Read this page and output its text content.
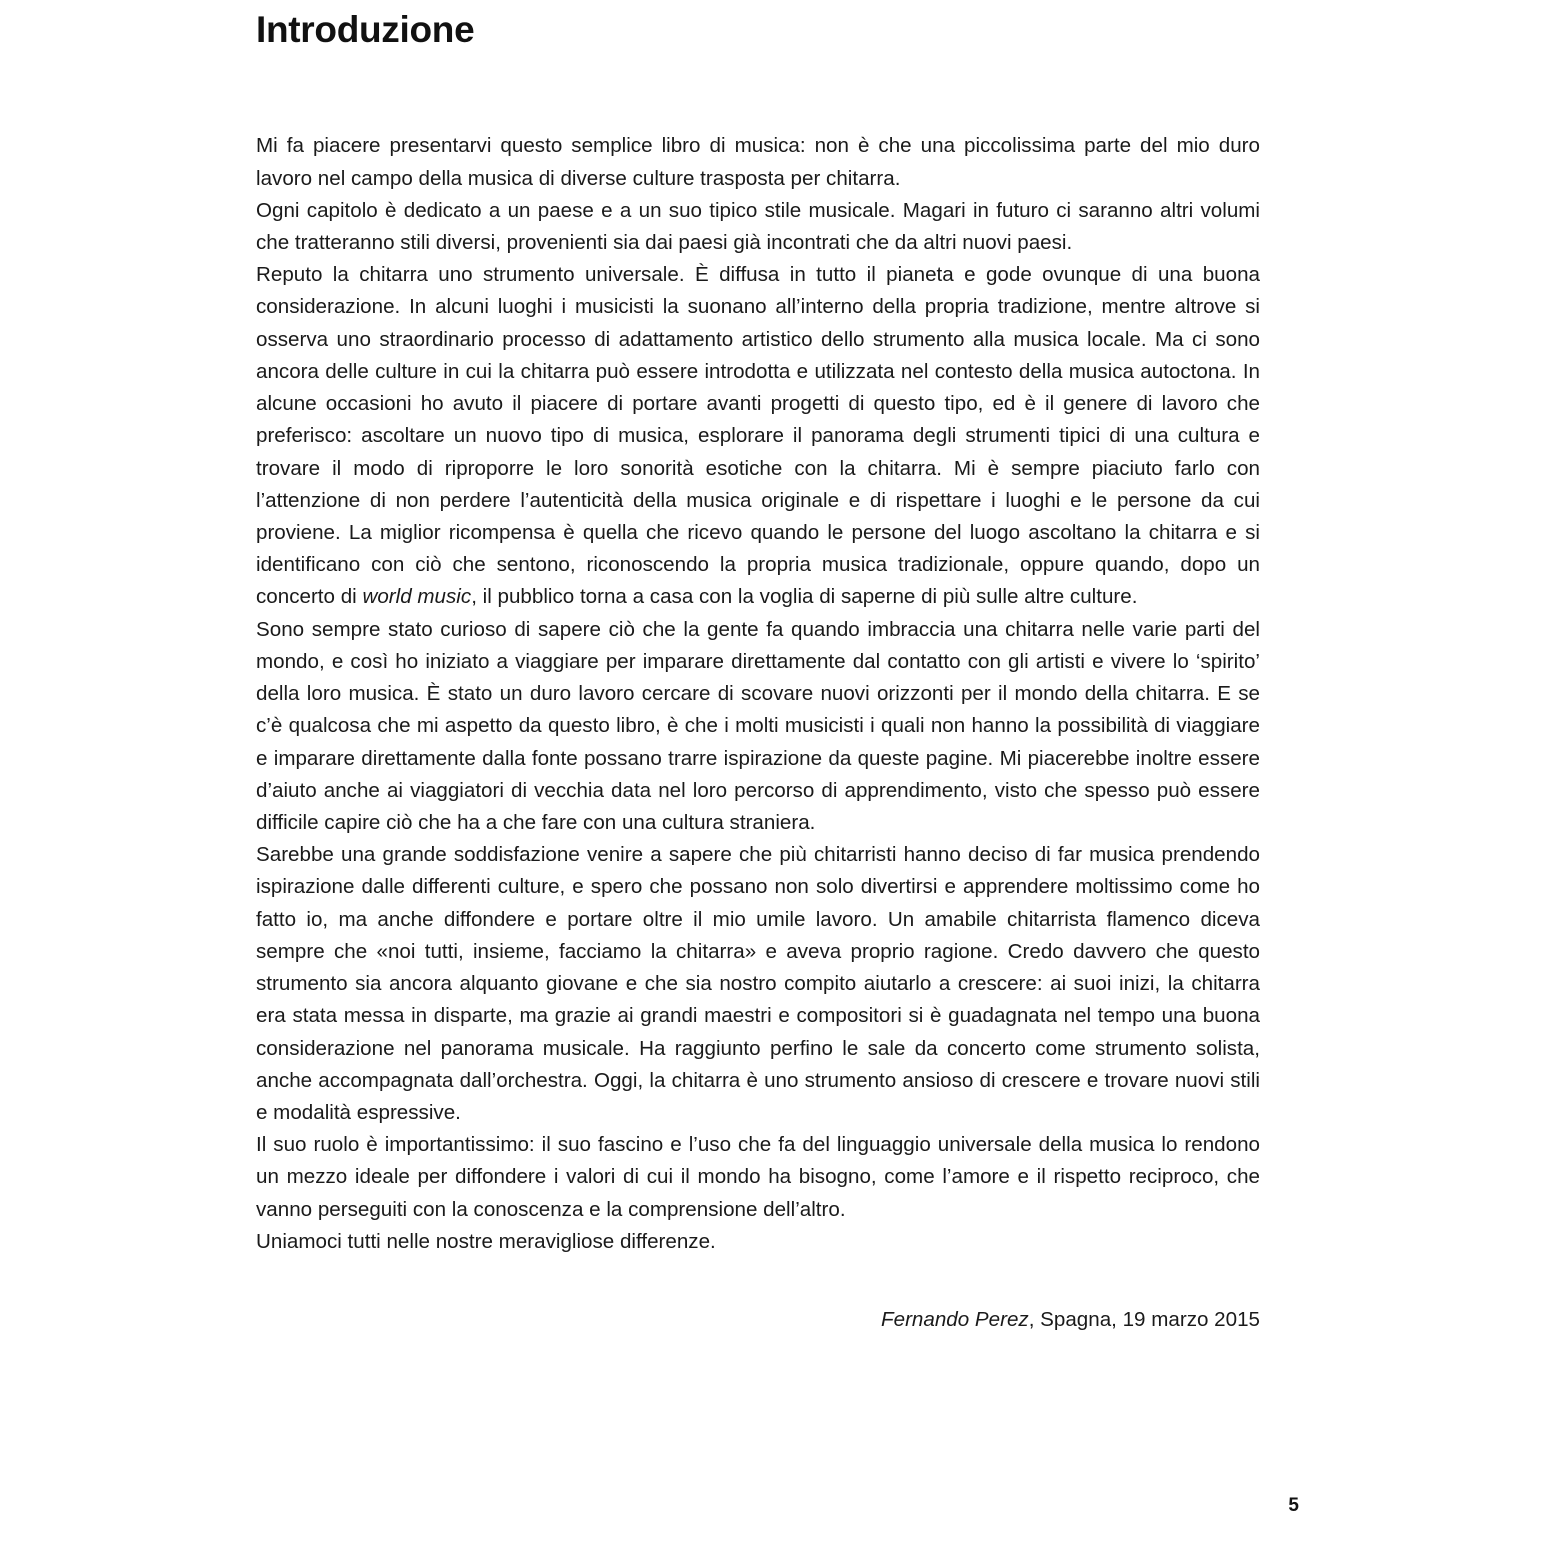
Introduzione

Mi fa piacere presentarvi questo semplice libro di musica: non è che una piccolissima parte del mio duro lavoro nel campo della musica di diverse culture trasposta per chitarra.

Ogni capitolo è dedicato a un paese e a un suo tipico stile musicale. Magari in futuro ci saranno altri volumi che tratteranno stili diversi, provenienti sia dai paesi già incontrati che da altri nuovi paesi.

Reputo la chitarra uno strumento universale. È diffusa in tutto il pianeta e gode ovunque di una buona considerazione. In alcuni luoghi i musicisti la suonano all’interno della propria tradizione, mentre altrove si osserva uno straordinario processo di adattamento artistico dello strumento alla musica locale. Ma ci sono ancora delle culture in cui la chitarra può essere introdotta e utilizzata nel contesto della musica autoctona. In alcune occasioni ho avuto il piacere di portare avanti progetti di questo tipo, ed è il genere di lavoro che preferisco: ascoltare un nuovo tipo di musica, esplorare il panorama degli strumenti tipici di una cultura e trovare il modo di riproporre le loro sonorità esotiche con la chitarra. Mi è sempre piaciuto farlo con l’attenzione di non perdere l’autenticità della musica originale e di rispettare i luoghi e le persone da cui proviene. La miglior ricompensa è quella che ricevo quando le persone del luogo ascoltano la chitarra e si identificano con ciò che sentono, riconoscendo la propria musica tradizionale, oppure quando, dopo un concerto di world music, il pubblico torna a casa con la voglia di saperne di più sulle altre culture.

Sono sempre stato curioso di sapere ciò che la gente fa quando imbraccia una chitarra nelle varie parti del mondo, e così ho iniziato a viaggiare per imparare direttamente dal contatto con gli artisti e vivere lo ‘spirito’ della loro musica. È stato un duro lavoro cercare di scovare nuovi orizzonti per il mondo della chitarra. E se c’è qualcosa che mi aspetto da questo libro, è che i molti musicisti i quali non hanno la possibilità di viaggiare e imparare direttamente dalla fonte possano trarre ispirazione da queste pagine. Mi piacerebbe inoltre essere d’aiuto anche ai viaggiatori di vecchia data nel loro percorso di apprendimento, visto che spesso può essere difficile capire ciò che ha a che fare con una cultura straniera.

Sarebbe una grande soddisfazione venire a sapere che più chitarristi hanno deciso di far musica prendendo ispirazione dalle differenti culture, e spero che possano non solo divertirsi e apprendere moltissimo come ho fatto io, ma anche diffondere e portare oltre il mio umile lavoro. Un amabile chitarrista flamenco diceva sempre che «noi tutti, insieme, facciamo la chitarra» e aveva proprio ragione. Credo davvero che questo strumento sia ancora alquanto giovane e che sia nostro compito aiutarlo a crescere: ai suoi inizi, la chitarra era stata messa in disparte, ma grazie ai grandi maestri e compositori si è guadagnata nel tempo una buona considerazione nel panorama musicale. Ha raggiunto perfino le sale da concerto come strumento solista, anche accompagnata dall’orchestra. Oggi, la chitarra è uno strumento ansioso di crescere e trovare nuovi stili e modalità espressive.

Il suo ruolo è importantissimo: il suo fascino e l’uso che fa del linguaggio universale della musica lo rendono un mezzo ideale per diffondere i valori di cui il mondo ha bisogno, come l’amore e il rispetto reciproco, che vanno perseguiti con la conoscenza e la comprensione dell’altro.

Uniamoci tutti nelle nostre meravigliose differenze.

Fernando Perez, Spagna, 19 marzo 2015
5
